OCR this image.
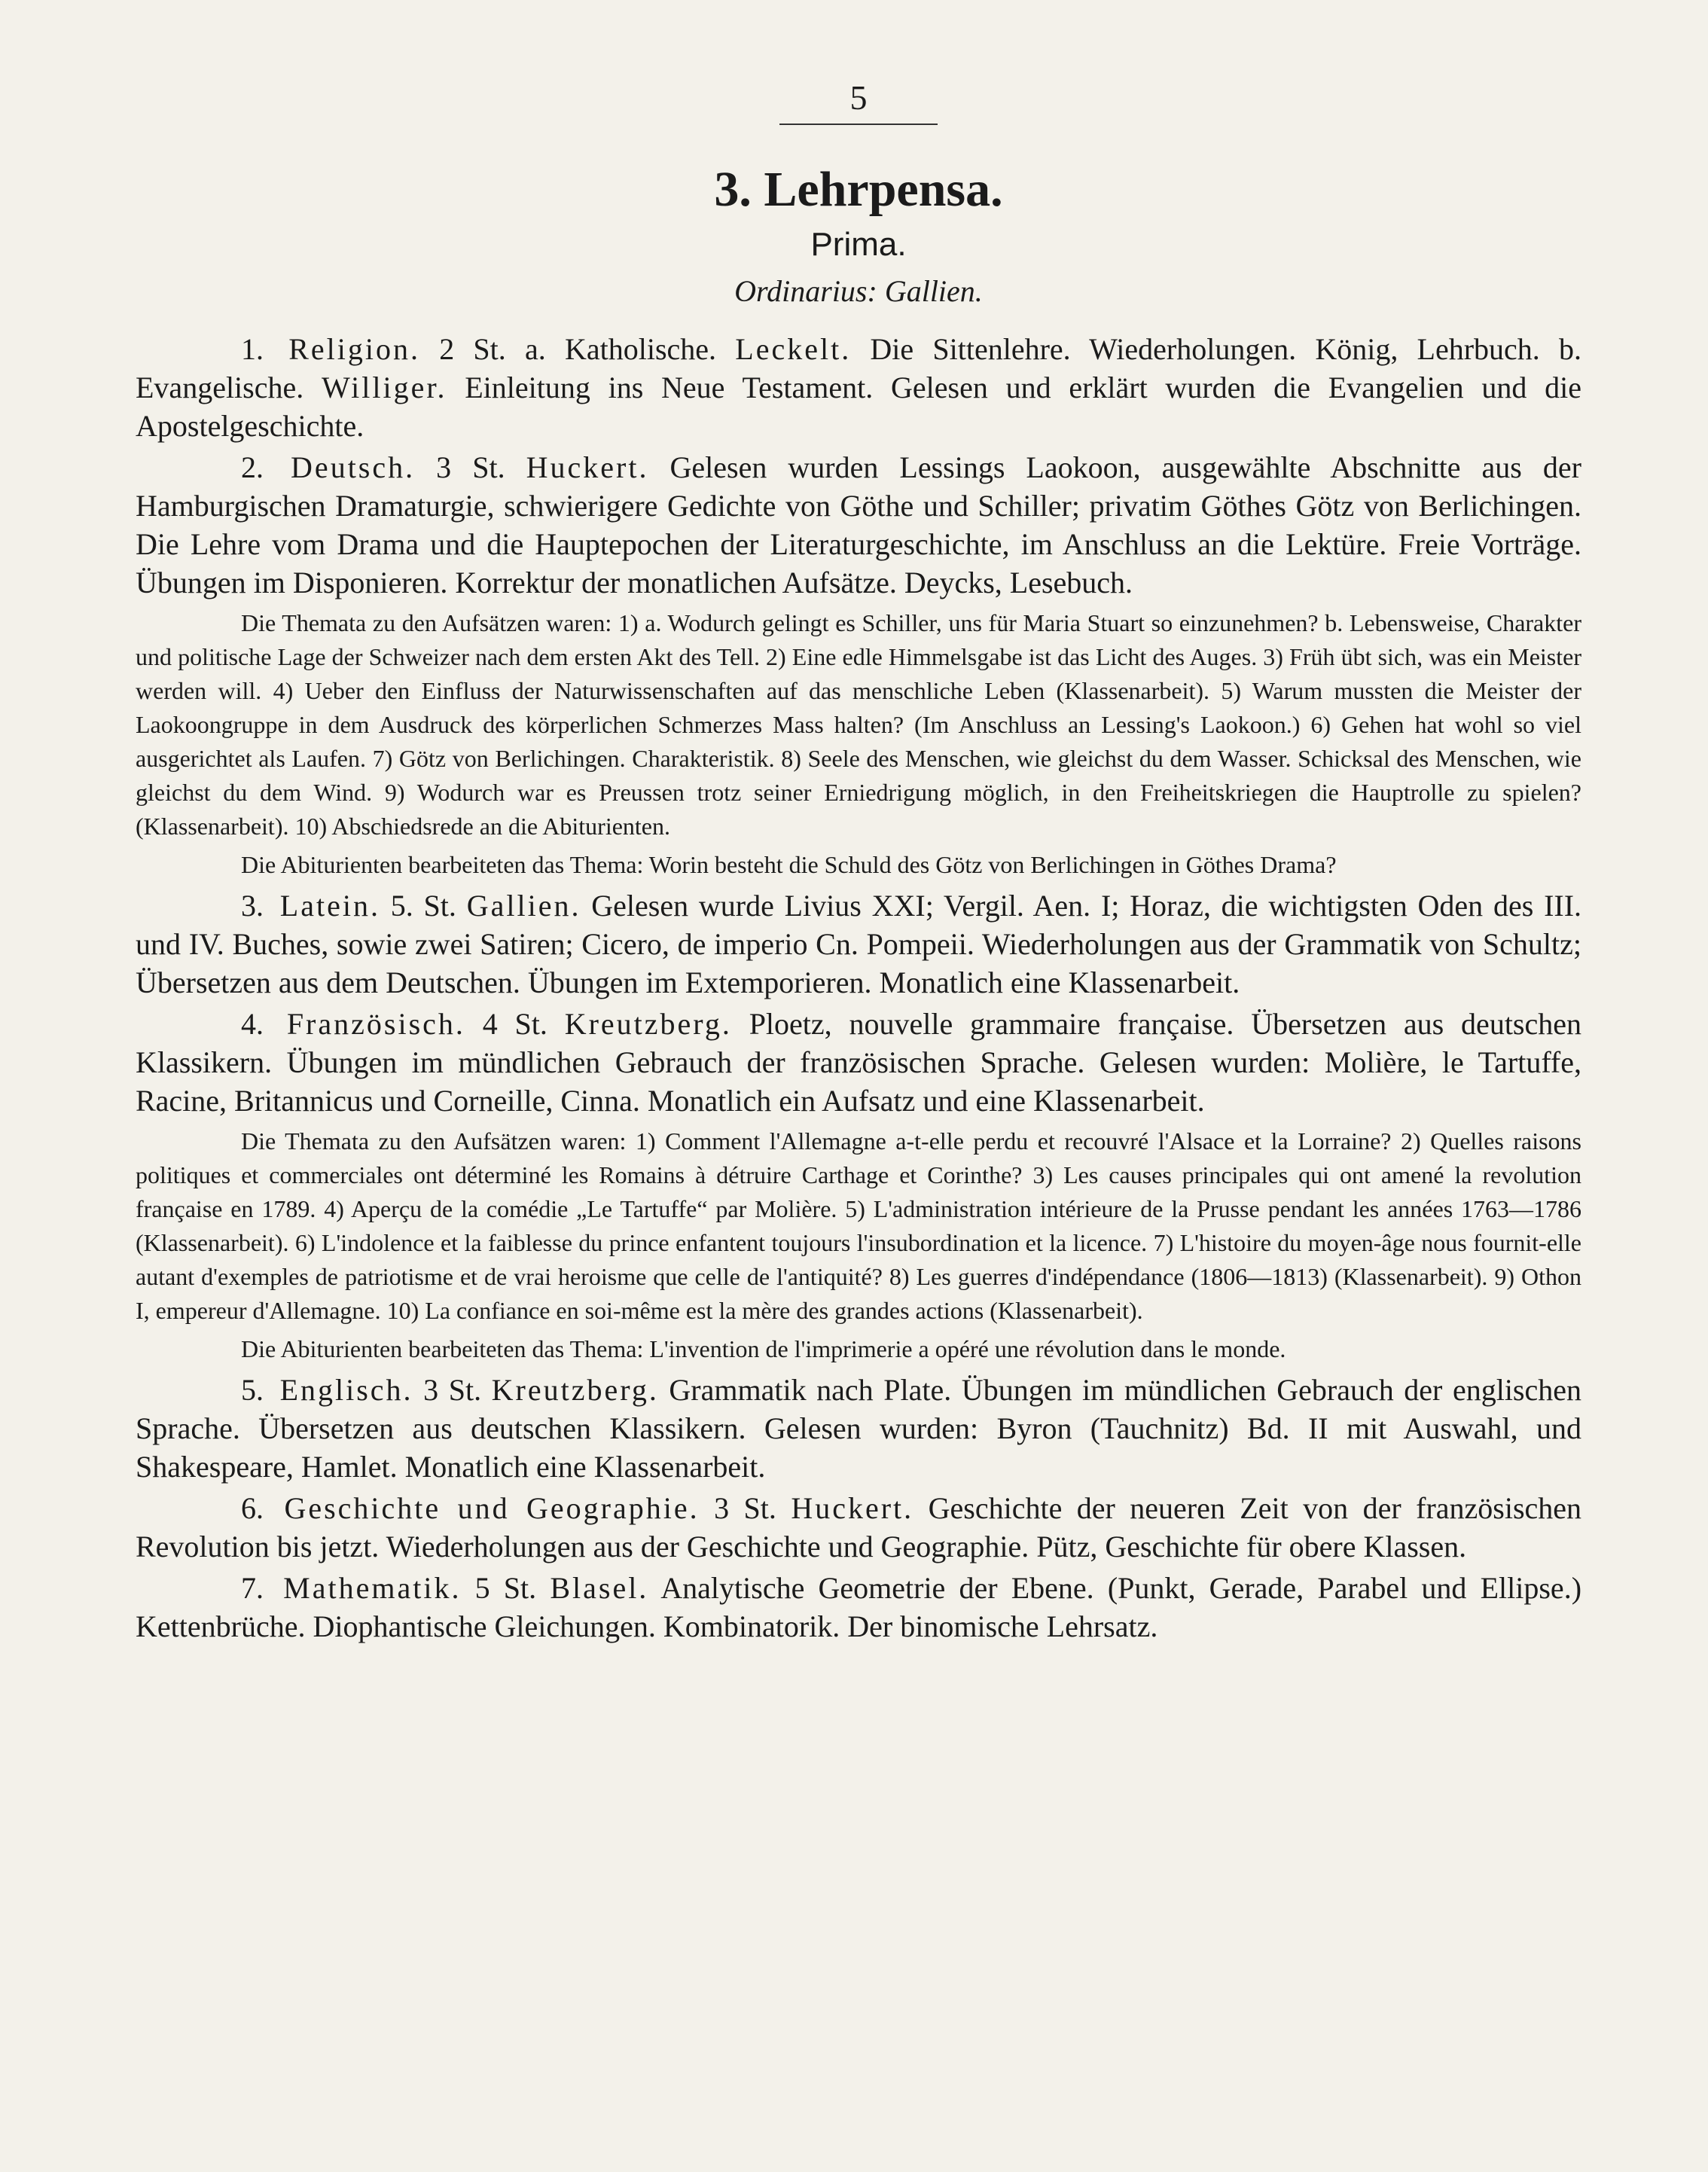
5
3. Lehrpensa.
Prima.
Ordinarius: Gallien.

1. Religion. 2 St. a. Katholische. Leckelt. Die Sittenlehre. Wiederholungen. König, Lehrbuch. b. Evangelische. Williger. Einleitung ins Neue Testament. Gelesen und erklärt wurden die Evangelien und die Apostelgeschichte.

2. Deutsch. 3 St. Huckert. Gelesen wurden Lessings Laokoon, ausgewählte Abschnitte aus der Hamburgischen Dramaturgie, schwierigere Gedichte von Göthe und Schiller; privatim Göthes Götz von Berlichingen. Die Lehre vom Drama und die Hauptepochen der Literaturgeschichte, im Anschluss an die Lektüre. Freie Vorträge. Übungen im Disponieren. Korrektur der monatlichen Aufsätze. Deycks, Lesebuch.

Die Themata zu den Aufsätzen waren: 1) a. Wodurch gelingt es Schiller, uns für Maria Stuart so einzunehmen? b. Lebensweise, Charakter und politische Lage der Schweizer nach dem ersten Akt des Tell. 2) Eine edle Himmelsgabe ist das Licht des Auges. 3) Früh übt sich, was ein Meister werden will. 4) Ueber den Einfluss der Naturwissenschaften auf das menschliche Leben (Klassenarbeit). 5) Warum mussten die Meister der Laokoongruppe in dem Ausdruck des körperlichen Schmerzes Mass halten? (Im Anschluss an Lessing's Laokoon.) 6) Gehen hat wohl so viel ausgerichtet als Laufen. 7) Götz von Berlichingen. Charakteristik. 8) Seele des Menschen, wie gleichst du dem Wasser. Schicksal des Menschen, wie gleichst du dem Wind. 9) Wodurch war es Preussen trotz seiner Erniedrigung möglich, in den Freiheitskriegen die Hauptrolle zu spielen? (Klassenarbeit). 10) Abschiedsrede an die Abiturienten.

Die Abiturienten bearbeiteten das Thema: Worin besteht die Schuld des Götz von Berlichingen in Göthes Drama?

3. Latein. 5. St. Gallien. Gelesen wurde Livius XXI; Vergil. Aen. I; Horaz, die wichtigsten Oden des III. und IV. Buches, sowie zwei Satiren; Cicero, de imperio Cn. Pompeii. Wiederholungen aus der Grammatik von Schultz; Übersetzen aus dem Deutschen. Übungen im Extemporieren. Monatlich eine Klassenarbeit.

4. Französisch. 4 St. Kreutzberg. Ploetz, nouvelle grammaire française. Übersetzen aus deutschen Klassikern. Übungen im mündlichen Gebrauch der französischen Sprache. Gelesen wurden: Molière, le Tartuffe, Racine, Britannicus und Corneille, Cinna. Monatlich ein Aufsatz und eine Klassenarbeit.

Die Themata zu den Aufsätzen waren: 1) Comment l'Allemagne a-t-elle perdu et recouvré l'Alsace et la Lorraine? 2) Quelles raisons politiques et commerciales ont déterminé les Romains à détruire Carthage et Corinthe? 3) Les causes principales qui ont amené la revolution française en 1789. 4) Aperçu de la comédie „Le Tartuffe“ par Molière. 5) L'administration intérieure de la Prusse pendant les années 1763—1786 (Klassenarbeit). 6) L'indolence et la faiblesse du prince enfantent toujours l'insubordination et la licence. 7) L'histoire du moyen-âge nous fournit-elle autant d'exemples de patriotisme et de vrai heroisme que celle de l'antiquité? 8) Les guerres d'indépendance (1806—1813) (Klassenarbeit). 9) Othon I, empereur d'Allemagne. 10) La confiance en soi-même est la mère des grandes actions (Klassenarbeit).

Die Abiturienten bearbeiteten das Thema: L'invention de l'imprimerie a opéré une révolution dans le monde.

5. Englisch. 3 St. Kreutzberg. Grammatik nach Plate. Übungen im mündlichen Gebrauch der englischen Sprache. Übersetzen aus deutschen Klassikern. Gelesen wurden: Byron (Tauchnitz) Bd. II mit Auswahl, und Shakespeare, Hamlet. Monatlich eine Klassenarbeit.

6. Geschichte und Geographie. 3 St. Huckert. Geschichte der neueren Zeit von der französischen Revolution bis jetzt. Wiederholungen aus der Geschichte und Geographie. Pütz, Geschichte für obere Klassen.

7. Mathematik. 5 St. Blasel. Analytische Geometrie der Ebene. (Punkt, Gerade, Parabel und Ellipse.) Kettenbrüche. Diophantische Gleichungen. Kombinatorik. Der binomische Lehrsatz.
